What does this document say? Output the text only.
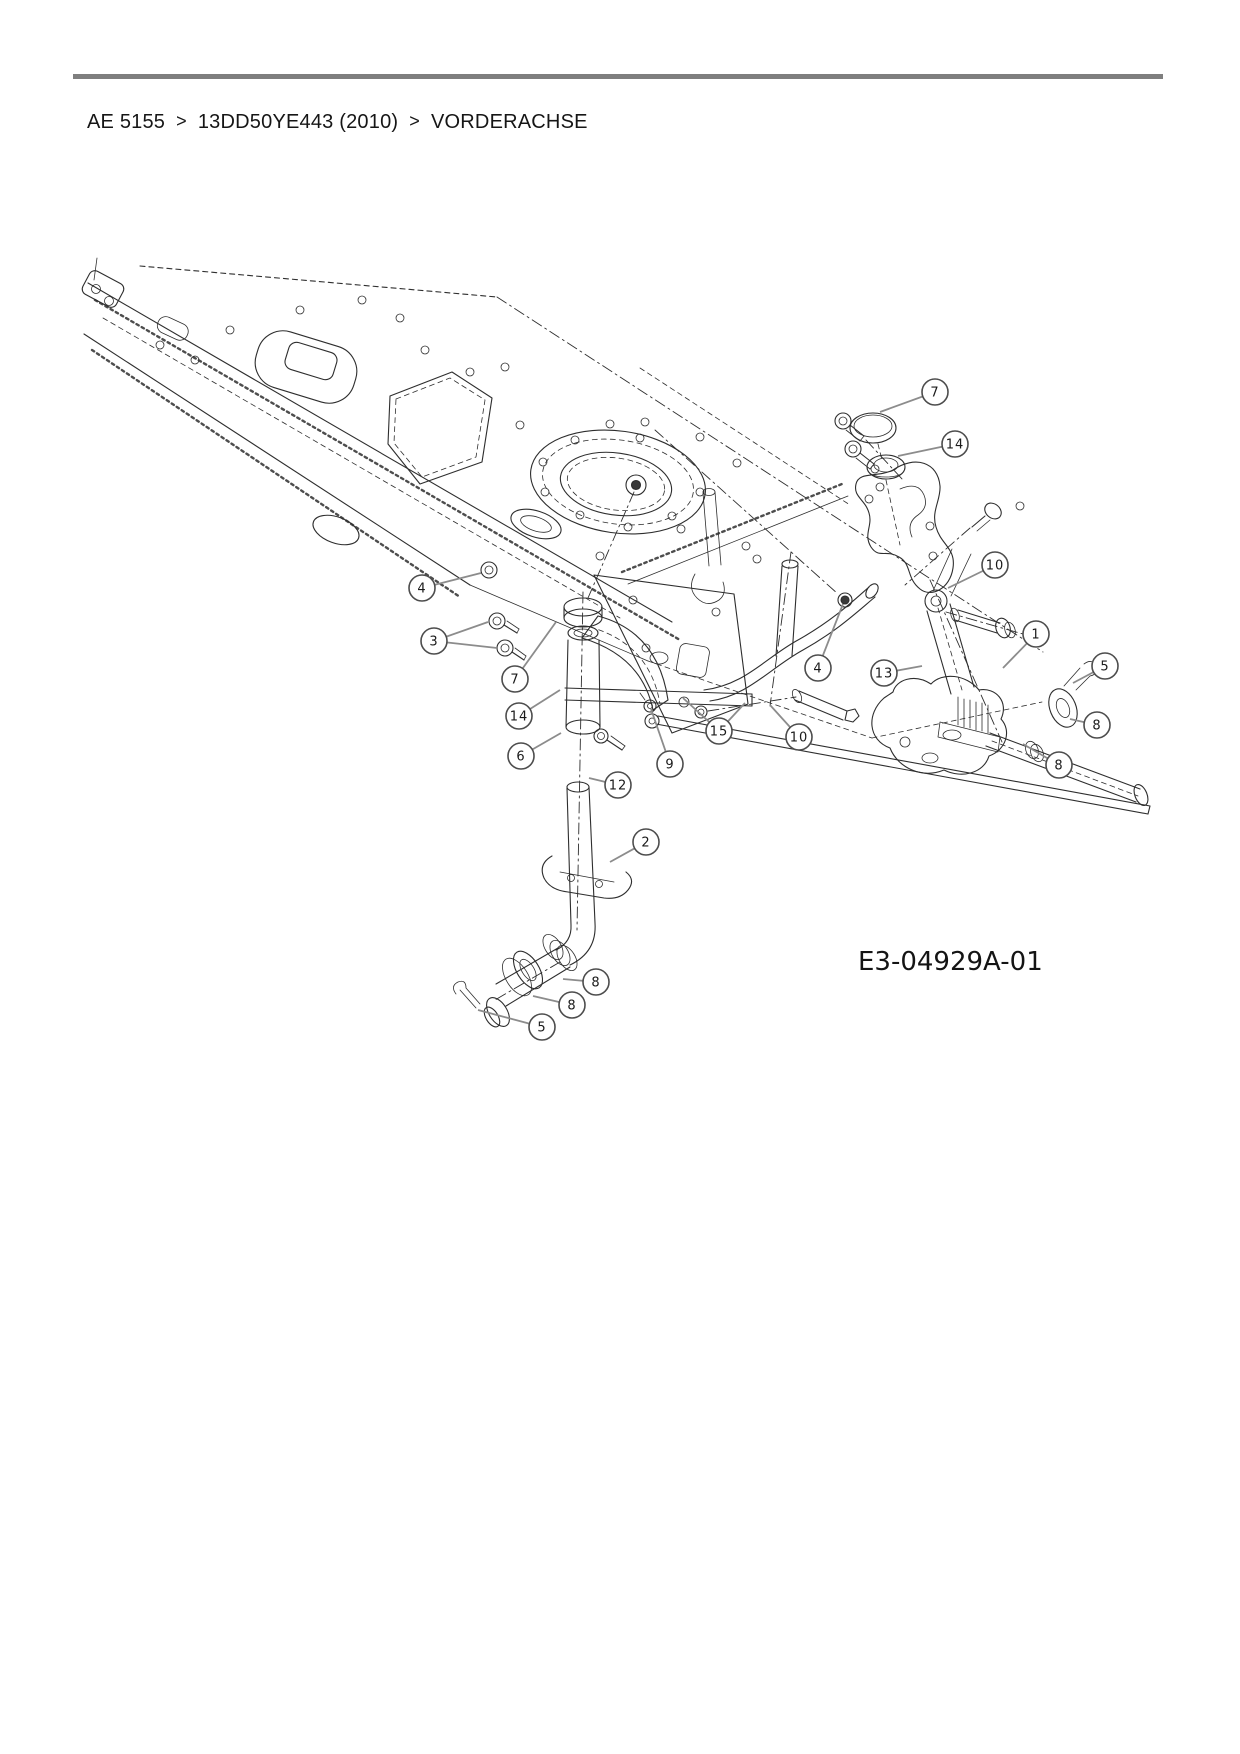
AE 5155 > 13DD50YE443 (2010) > VORDERACHSE
7
14
4
3
10
1
5
13
8
8
7
14
6
4
15	10
9
12
2
8
8
5
E3-04929A-01
